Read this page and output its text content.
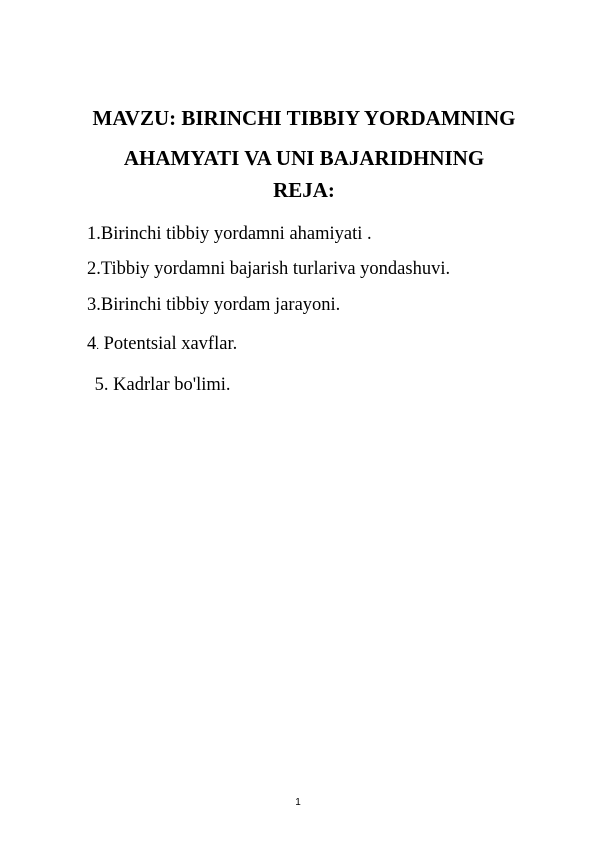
MAVZU: BIRINCHI TIBBIY YORDAMNING
AHAMYATI VA UNI BAJARIDHNING
REJA:
1.Birinchi tibbiy yordamni ahamiyati .
2.Tibbiy yordamni bajarish turlariva yondashuvi.
3.Birinchi tibbiy yordam jarayoni.
4. Potentsial xavflar.
5. Kadrlar bo'limi.
1
